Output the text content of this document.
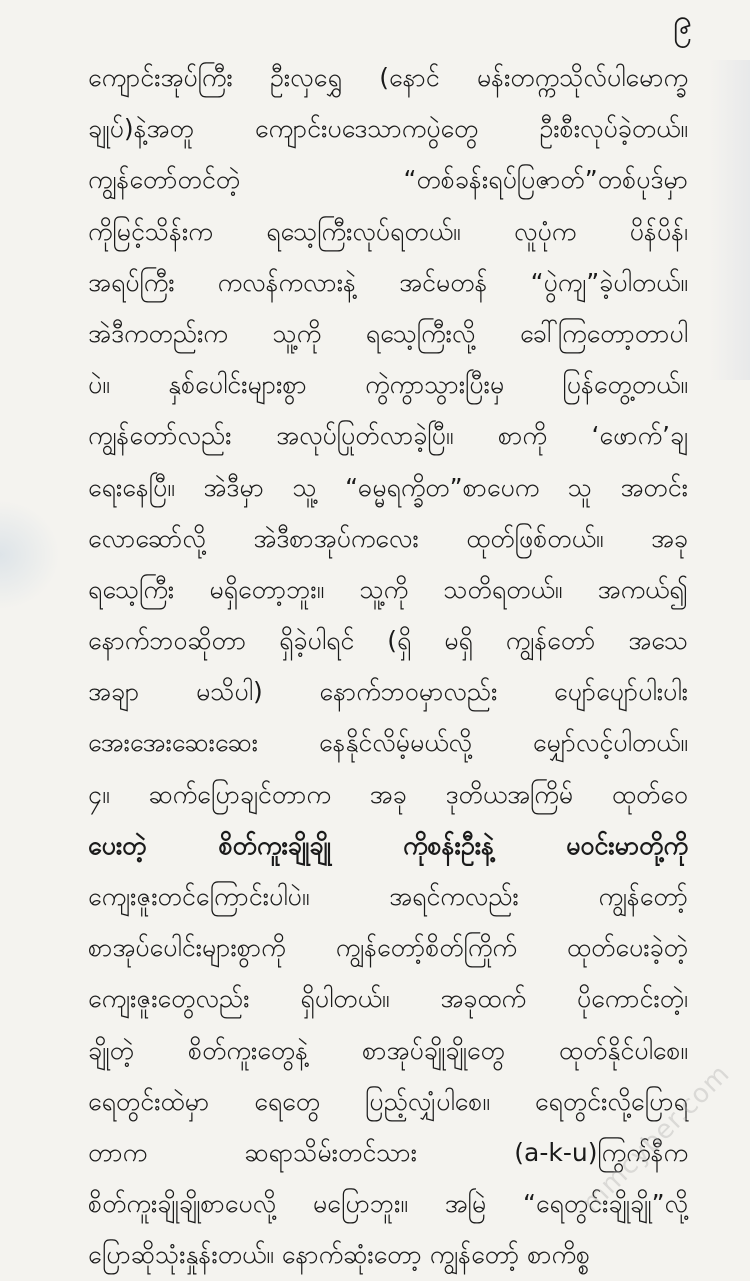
၉
ကျောင်းအုပ်ကြီး ဦးလှရွှေ (နောင် မန်းတက္ကသိုလ်ပါမောက္ခ
ချုပ်)နဲ့အတူ ကျောင်းပဒေသာကပွဲတွေ ဦးစီးလုပ်ခဲ့တယ်။
ကျွန်တော်တင်တဲ့ “တစ်ခန်းရပ်ပြဇာတ်”တစ်ပုဒ်မှာ
ကိုမြင့်သိန်းက ရသေ့ကြီးလုပ်ရတယ်။ လူပုံက ပိန်ပိန်၊
အရပ်ကြီး ကလန်ကလားနဲ့ အင်မတန် “ပွဲကျ”ခဲ့ပါတယ်။
အဲဒီကတည်းက သူ့ကို ရသေ့ကြီးလို့ ခေါ်ကြတော့တာပါ
ပဲ။ နှစ်ပေါင်းများစွာ ကွဲကွာသွားပြီးမှ ပြန်တွေ့တယ်။
ကျွန်တော်လည်း အလုပ်ပြုတ်လာခဲ့ပြီ။ စာကို ‘ဖောက်’ချ
ရေးနေပြီ။ အဲဒီမှာ သူ့ “ဓမ္မရက္ခိတ”စာပေက သူ အတင်း
လောဆော်လို့ အဲဒီစာအုပ်ကလေး ထုတ်ဖြစ်တယ်။ အခု
ရသေ့ကြီး မရှိတော့ဘူး။ သူ့ကို သတိရတယ်။ အကယ်၍
နောက်ဘဝဆိုတာ ရှိခဲ့ပါရင် (ရှိ မရှိ ကျွန်တော် အသေ
အချာ မသိပါ) နောက်ဘဝမှာလည်း ပျော်ပျော်ပါးပါး
အေးအေးဆေးဆေး နေနိုင်လိမ့်မယ်လို့ မျှော်လင့်ပါတယ်။
၄။ ဆက်ပြောချင်တာက အခု ဒုတိယအကြိမ် ထုတ်ဝေ
ပေးတဲ့ စိတ်ကူးချိုချို ကိုစန်းဦးနဲ့ မဝင်းမာတို့ကို
ကျေးဇူးတင်ကြောင်းပါပဲ။ အရင်ကလည်း ကျွန်တော့်
စာအုပ်ပေါင်းများစွာကို ကျွန်တော့်စိတ်ကြိုက် ထုတ်ပေးခဲ့တဲ့
ကျေးဇူးတွေလည်း ရှိပါတယ်။ အခုထက် ပိုကောင်းတဲ့၊
ချိုတဲ့ စိတ်ကူးတွေနဲ့ စာအုပ်ချိုချိုတွေ ထုတ်နိုင်ပါစေ။
ရေတွင်းထဲမှာ ရေတွေ ပြည့်လျှံပါစေ။ ရေတွင်းလို့ပြောရ
တာက ဆရာသိမ်းတင်သား (a-k-u)ကြွက်နီက
စိတ်ကူးချိုချိုစာပေလို့ မပြောဘူး။ အမြဲ “ရေတွင်းချိုချို”လို့
ပြောဆိုသုံးနှုန်းတယ်။ နောက်ဆုံးတော့ ကျွန်တော့် စာကိစ္စ
mmcyber.com
